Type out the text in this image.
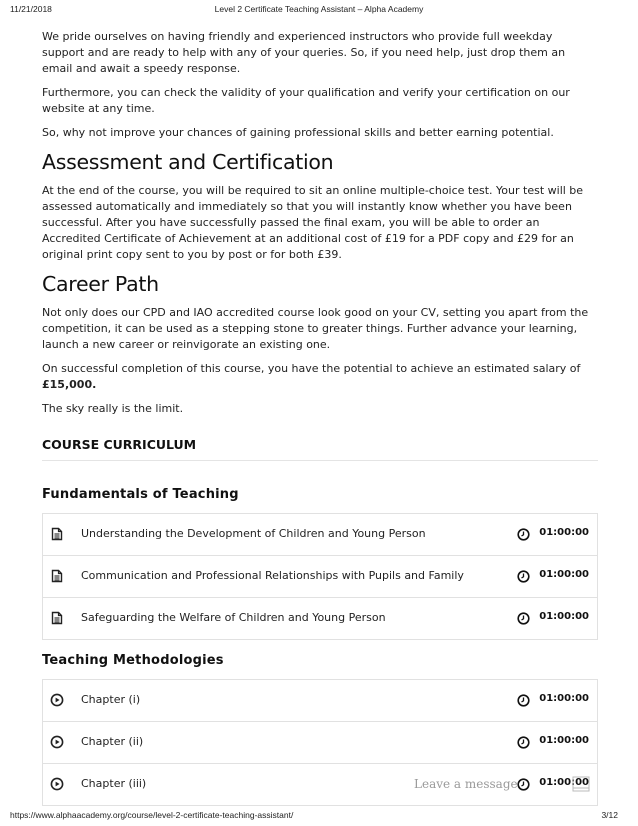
11/21/2018	Level 2 Certificate Teaching Assistant – Alpha Academy

We pride ourselves on having friendly and experienced instructors who provide full weekday support and are ready to help with any of your queries. So, if you need help, just drop them an email and await a speedy response.

Furthermore, you can check the validity of your qualification and verify your certification on our website at any time.

So, why not improve your chances of gaining professional skills and better earning potential.

Assessment and Certification

At the end of the course, you will be required to sit an online multiple-choice test. Your test will be assessed automatically and immediately so that you will instantly know whether you have been successful. After you have successfully passed the final exam, you will be able to order an Accredited Certificate of Achievement at an additional cost of £19 for a PDF copy and £29 for an original print copy sent to you by post or for both £39.

Career Path

Not only does our CPD and IAO accredited course look good on your CV, setting you apart from the competition, it can be used as a stepping stone to greater things. Further advance your learning, launch a new career or reinvigorate an existing one.

On successful completion of this course, you have the potential to achieve an estimated salary of £15,000.

The sky really is the limit.

COURSE CURRICULUM
Fundamentals of Teaching
Understanding the Development of Children and Young Person	01:00:00
Communication and Professional Relationships with Pupils and Family	01:00:00
Safeguarding the Welfare of Children and Young Person	01:00:00
Teaching Methodologies
Chapter (i)	01:00:00
Chapter (ii)	01:00:00
Chapter (iii)	01:00:00
Leave a message
https://www.alphaacademy.org/course/level-2-certificate-teaching-assistant/	3/12
